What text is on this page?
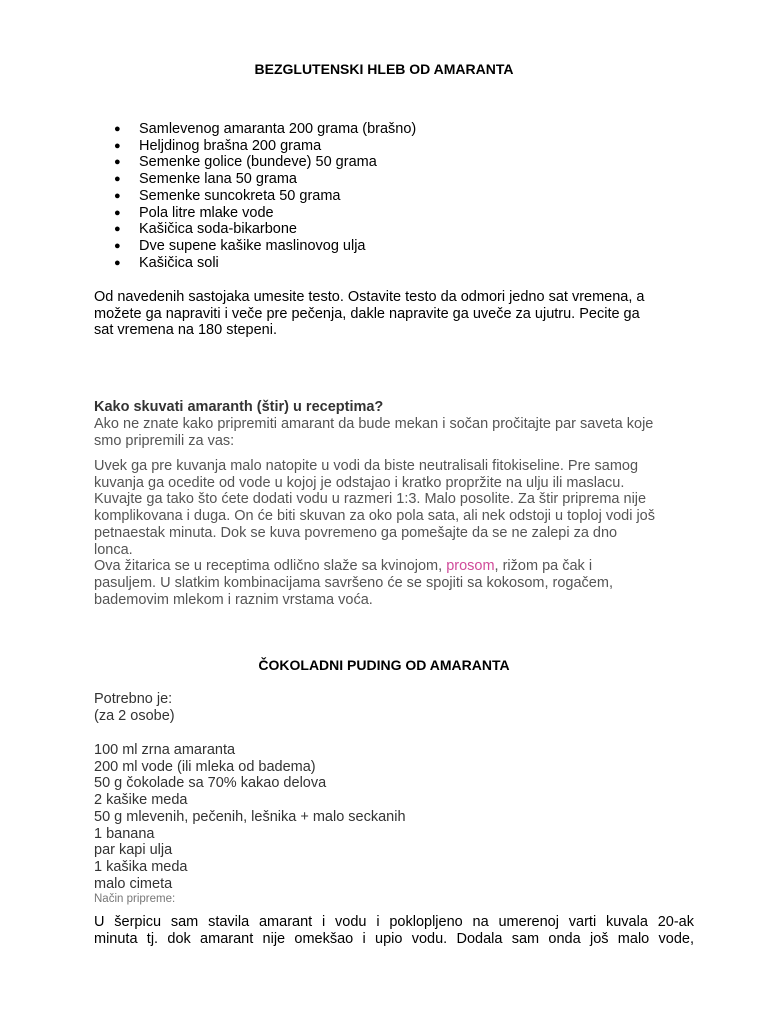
BEZGLUTENSKI HLEB OD AMARANTA
● Samlevenog amaranta 200 grama (brašno)
● Heljdinog brašna 200 grama
● Semenke golice (bundeve) 50 grama
● Semenke lana 50 grama
● Semenke suncokreta 50 grama
● Pola litre mlake vode
● Kašičica soda-bikarbone
● Dve supene kašike maslinovog ulja
● Kašičica soli
Od navedenih sastojaka umesite testo. Ostavite testo da odmori jedno sat vremena, a
možete ga napraviti i veče pre pečenja, dakle napravite ga uveče za ujutru. Pecite ga
sat vremena na 180 stepeni.
Kako skuvati amaranth (štir) u receptima?
Ako ne znate kako pripremiti amarant da bude mekan i sočan pročitajte par saveta koje
smo pripremili za vas:
Uvek ga pre kuvanja malo natopite u vodi da biste neutralisali fitokiseline. Pre samog
kuvanja ga ocedite od vode u kojoj je odstajao i kratko propržite na ulju ili maslacu.
Kuvajte ga tako što ćete dodati vodu u razmeri 1:3. Malo posolite. Za štir priprema nije
komplikovana i duga. On će biti skuvan za oko pola sata, ali nek odstoji u toplој vodi još
petnaestak minuta. Dok se kuva povremeno ga pomešajte da se ne zalepi za dno
lonca.
Ova žitarica se u receptima odlično slaže sa kvinojom, prosom, rižom pa čak i
pasuljem. U slatkim kombinacijama savršeno će se spojiti sa kokosom, rogačem,
bademovim mlekom i raznim vrstama voća.
ČOKOLADNI PUDING OD AMARANTA
Potrebno je:
(za 2 osobe)
100 ml zrna amaranta
200 ml vode (ili mleka od badema)
50 g čokolade sa 70% kakao delova
2 kašike meda
50 g mlevenih, pečenih, lešnika + malo seckanih
1 banana
par kapi ulja
1 kašika meda
malo cimeta
Način pripreme:
U šerpicu sam stavila amarant i vodu i poklopljeno na umerenoj varti kuvala 20-ak
minuta tj. dok amarant nije omekšao i upio vodu. Dodala sam onda još malo vode,
